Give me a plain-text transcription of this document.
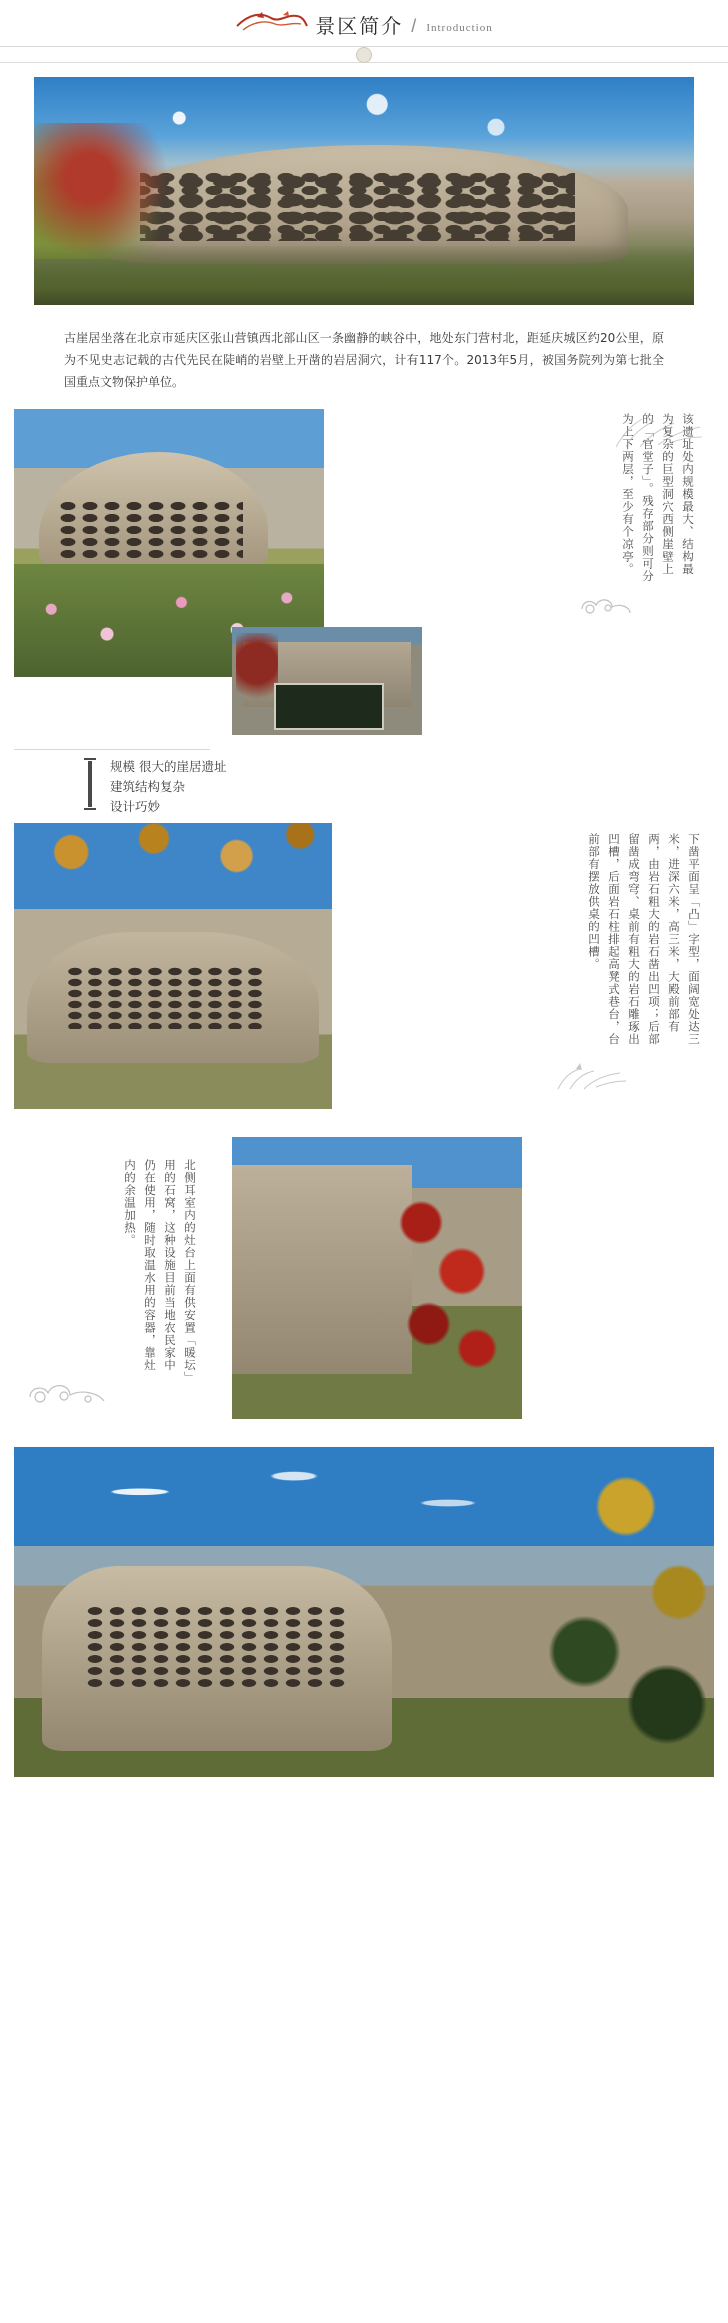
景区简介 / Introduction

古崖居坐落在北京市延庆区张山营镇西北部山区一条幽静的峡谷中，地处东门营村北，距延庆城区约20公里，原为不见史志记载的古代先民在陡峭的岩壁上开凿的岩居洞穴，计有117个。2013年5月，被国务院列为第七批全国重点文物保护单位。

该遗址处内规模最大、结构最为复杂的巨型洞穴西侧崖壁上的「官堂子」。残存部分则可分为上下两层，至少有个凉亭。
规模 很大的崖居遗址
建筑结构复杂
设计巧妙
下凿平面呈「凸」字型，面阔宽处达三米，进深六米，高三米，大殿前部有两，由岩石粗大的岩石凿出凹项；后部留凿成弯穹、桌前有粗大的岩石雕琢出凹槽，后面岩石柱排起高凳式巷台，台前部有摆放供桌的凹槽。
北侧耳室内的灶台上面有供安置「暖坛」用的石窝，这种设施目前当地农民家中仍在使用，随时取温水用的容器，靠灶内的余温加热。
